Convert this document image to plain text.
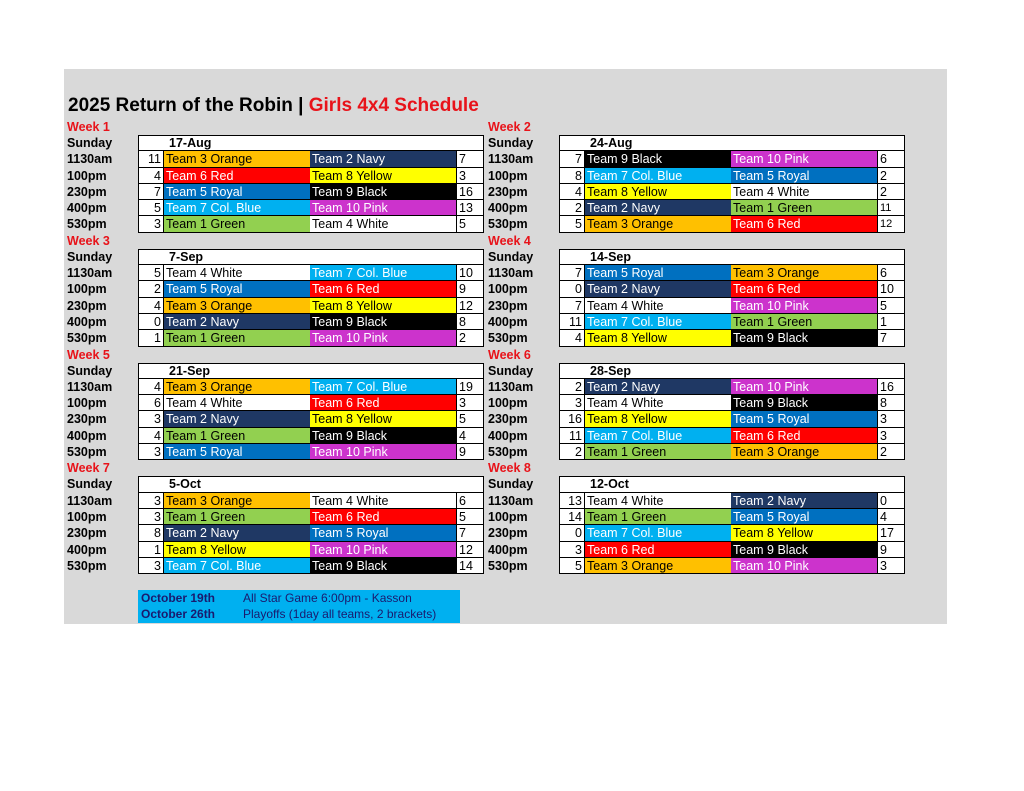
2025 Return of the Robin | Girls 4x4 Schedule
Week 1
Sunday	17-Aug
1130am	11 Team 3 Orange	Team 2 Navy	7
100pm	4 Team 6 Red	Team 8 Yellow	3
230pm	7 Team 5 Royal	Team 9 Black	16
400pm	5 Team 7 Col. Blue	Team 10 Pink	13
530pm	3 Team 1 Green	Team 4 White	5
Week 3
Sunday	7-Sep
1130am	5 Team 4 White	Team 7 Col. Blue	10
100pm	2 Team 5 Royal	Team 6 Red	9
230pm	4 Team 3 Orange	Team 8 Yellow	12
400pm	0 Team 2 Navy	Team 9 Black	8
530pm	1 Team 1 Green	Team 10 Pink	2
Week 5
Sunday	21-Sep
1130am	4 Team 3 Orange	Team 7 Col. Blue	19
100pm	6 Team 4 White	Team 6 Red	3
230pm	3 Team 2 Navy	Team 8 Yellow	5
400pm	4 Team 1 Green	Team 9 Black	4
530pm	3 Team 5 Royal	Team 10 Pink	9
Week 7
Sunday	5-Oct
1130am	3 Team 3 Orange	Team 4 White	6
100pm	3 Team 1 Green	Team 6 Red	5
230pm	8 Team 2 Navy	Team 5 Royal	7
400pm	1 Team 8 Yellow	Team 10 Pink	12
530pm	3 Team 7 Col. Blue	Team 9 Black	14
Week 2
Sunday	24-Aug
1130am	7 Team 9 Black	Team 10 Pink	6
100pm	8 Team 7 Col. Blue	Team 5 Royal	2
230pm	4 Team 8 Yellow	Team 4 White	2
400pm	2 Team 2 Navy	Team 1 Green	11
530pm	5 Team 3 Orange	Team 6 Red	12
Week 4
Sunday	14-Sep
1130am	7 Team 5 Royal	Team 3 Orange	6
100pm	0 Team 2 Navy	Team 6 Red	10
230pm	7 Team 4 White	Team 10 Pink	5
400pm	11 Team 7 Col. Blue	Team 1 Green	1
530pm	4 Team 8 Yellow	Team 9 Black	7
Week 6
Sunday	28-Sep
1130am	2 Team 2 Navy	Team 10 Pink	16
100pm	3 Team 4 White	Team 9 Black	8
230pm	16 Team 8 Yellow	Team 5 Royal	3
400pm	11 Team 7 Col. Blue	Team 6 Red	3
530pm	2 Team 1 Green	Team 3 Orange	2
Week 8
Sunday	12-Oct
1130am	13 Team 4 White	Team 2 Navy	0
100pm	14 Team 1 Green	Team 5 Royal	4
230pm	0 Team 7 Col. Blue	Team 8 Yellow	17
400pm	3 Team 6 Red	Team 9 Black	9
530pm	5 Team 3 Orange	Team 10 Pink	3
October 19th	All Star Game 6:00pm - Kasson
October 26th	Playoffs (1day all teams, 2 brackets)
